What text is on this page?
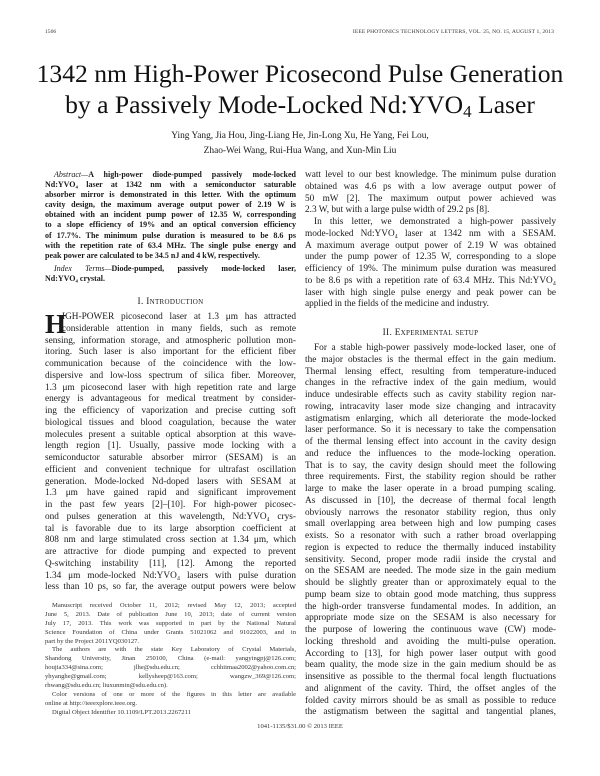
1506	IEEE PHOTONICS TECHNOLOGY LETTERS, VOL. 25, NO. 15, AUGUST 1, 2013
1342 nm High-Power Picosecond Pulse Generation
by a Passively Mode-Locked $Nd:YVO_4$ Laser
Ying Yang, Jia Hou, Jing-Liang He, Jin-Long Xu, He Yang, Fei Lou,
Zhao-Wei Wang, Rui-Hua Wang, and Xun-Min Liu
Abstract—A high-power diode-pumped passively mode-locked
Nd:YVO₄ laser at 1342 nm with a semiconductor saturable
absorber mirror is demonstrated in this letter. With the optimum
cavity design, the maximum average output power of 2.19 W is
obtained with an incident pump power of 12.35 W, corresponding
to a slope efficiency of 19% and an optical conversion efficiency
of 17.7%. The minimum pulse duration is measured to be 8.6 ps
with the repetition rate of 63.4 MHz. The single pulse energy and
peak power are calculated to be 34.5 nJ and 4 kW, respectively.
Index Terms—Diode-pumped, passively mode-locked laser,
Nd:YVO₄ crystal.
I. Introduction
H
IGH-POWER picosecond laser at 1.3 μm has attracted
considerable attention in many fields, such as remote
sensing, information storage, and atmospheric pollution mon-
itoring. Such laser is also important for the efficient fiber
communication because of the coincidence with the low-
dispersive and low-loss spectrum of silica fiber. Moreover,
1.3 μm picosecond laser with high repetition rate and large
energy is advantageous for medical treatment by consider-
ing the efficiency of vaporization and precise cutting soft
biological tissues and blood coagulation, because the water
molecules present a suitable optical absorption at this wave-
length region [1]. Usually, passive mode locking with a
semiconductor saturable absorber mirror (SESAM) is an
efficient and convenient technique for ultrafast oscillation
generation. Mode-locked Nd-doped lasers with SESAM at
1.3 μm have gained rapid and significant improvement
in the past few years [2]–[10]. For high-power picosec-
ond pulses generation at this wavelength, Nd:YVO₄ crys-
tal is favorable due to its large absorption coefficient at
808 nm and large stimulated cross section at 1.34 μm, which
are attractive for diode pumping and expected to prevent
Q-switching instability [11], [12]. Among the reported
1.34 μm mode-locked Nd:YVO₄ lasers with pulse duration
less than 10 ps, so far, the average output powers were below
watt level to our best knowledge. The minimum pulse duration
obtained was 4.6 ps with a low average output power of
50 mW [2]. The maximum output power achieved was
2.3 W, but with a large pulse width of 29.2 ps [8].
In this letter, we demonstrated a high-power passively
mode-locked Nd:YVO₄ laser at 1342 nm with a SESAM.
A maximum average output power of 2.19 W was obtained
under the pump power of 12.35 W, corresponding to a slope
efficiency of 19%. The minimum pulse duration was measured
to be 8.6 ps with a repetition rate of 63.4 MHz. This Nd:YVO₄
laser with high single pulse energy and peak power can be
applied in the fields of the medicine and industry.
II. Experimental setup
For a stable high-power passively mode-locked laser, one of
the major obstacles is the thermal effect in the gain medium.
Thermal lensing effect, resulting from temperature-induced
changes in the refractive index of the gain medium, would
induce undesirable effects such as cavity stability region nar-
rowing, intracavity laser mode size changing and intracavity
astigmatism enlarging, which all deteriorate the mode-locked
laser performance. So it is necessary to take the compensation
of the thermal lensing effect into account in the cavity design
and reduce the influences to the mode-locking operation.
That is to say, the cavity design should meet the following
three requirements. First, the stability region should be rather
large to make the laser operate in a broad pumping scaling.
As discussed in [10], the decrease of thermal focal length
obviously narrows the resonator stability region, thus only
small overlapping area between high and low pumping cases
exists. So a resonator with such a rather broad overlapping
region is expected to reduce the thermally induced instability
sensitivity. Second, proper mode radii inside the crystal and
on the SESAM are needed. The mode size in the gain medium
should be slightly greater than or approximately equal to the
pump beam size to obtain good mode matching, thus suppress
the high-order transverse fundamental modes. In addition, an
appropriate mode size on the SESAM is also necessary for
the purpose of lowering the continuous wave (CW) mode-
locking threshold and avoiding the multi-pulse operation.
According to [13], for high power laser output with good
beam quality, the mode size in the gain medium should be as
insensitive as possible to the thermal focal length fluctuations
and alignment of the cavity. Third, the offset angles of the
folded cavity mirrors should be as small as possible to reduce
the astigmatism between the sagittal and tangential planes,
Manuscript received October 11, 2012; revised May 12, 2013; accepted
June 5, 2013. Date of publication June 10, 2013; date of current version
July 17, 2013. This work was supported in part by the National Natural
Science Foundation of China under Grants 51021062 and 91022003, and in
part by the Project 2011YQ030127.
The authors are with the state Key Laboratory of Crystal Materials,
Shandong University, Jinan 250100, China (e-mail: yangyingpj@126.com;
houjia334@sina.com; jlhe@sdu.edu.cn; cchhiimaa2002@yahoo.com.cn;
yhyanghe@gmail.com; kellysheep@163.com; wangzw_369@126.com;
rhwang@sdu.edu.cn; liuxunmin@sdu.edu.cn).
Color versions of one or more of the figures in this letter are available
online at http://ieeexplore.ieee.org.
Digital Object Identifier 10.1109/LPT.2013.2267211
1041-1135/$31.00 © 2013 IEEE
